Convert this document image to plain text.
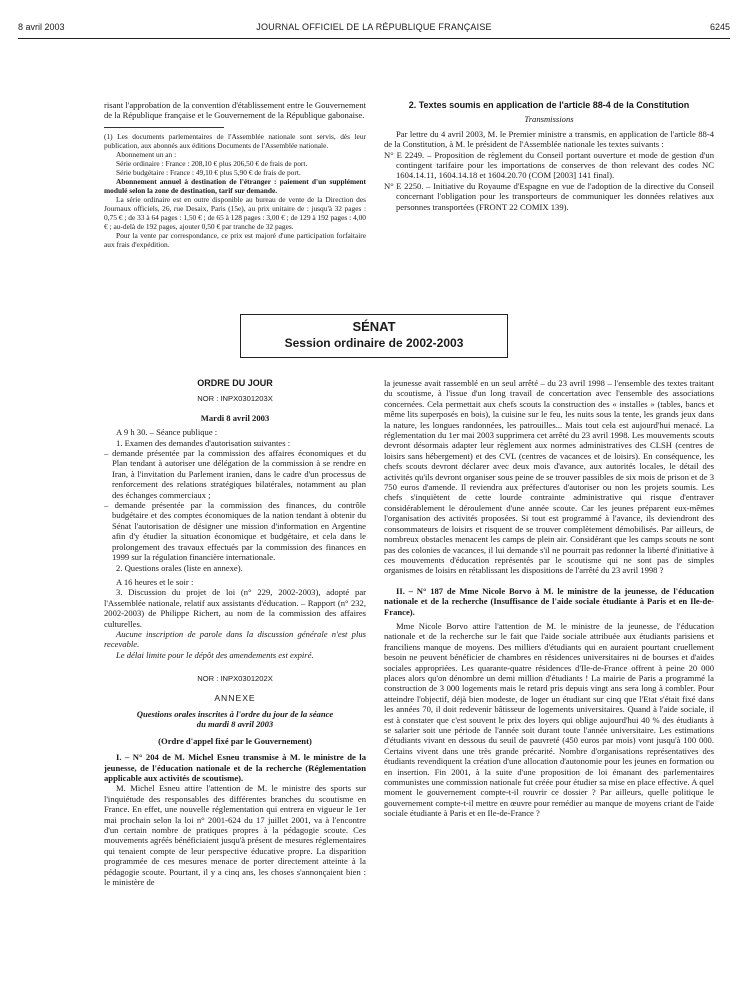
8 avril 2003	JOURNAL OFFICIEL DE LA RÉPUBLIQUE FRANÇAISE	6245

risant l'approbation de la convention d'établissement entre le Gouvernement de la République française et le Gouvernement de la République gabonaise.

(1) Les documents parlementaires de l'Assemblée nationale sont servis, dès leur publication, aux abonnés aux éditions Documents de l'Assemblée nationale.

Abonnement un an :

Série ordinaire : France : 208,10 € plus 206,50 € de frais de port.

Série budgétaire : France : 49,10 € plus 5,90 € de frais de port.

Abonnement annuel à destination de l'étranger : paiement d'un supplément modulé selon la zone de destination, tarif sur demande.

La série ordinaire est en outre disponible au bureau de vente de la Direction des Journaux officiels, 26, rue Desaix, Paris (15e), au prix unitaire de : jusqu'à 32 pages : 0,75 € ; de 33 à 64 pages : 1,50 € ; de 65 à 128 pages : 3,00 € ; de 129 à 192 pages : 4,00 € ; au-delà de 192 pages, ajouter 0,50 € par tranche de 32 pages.

Pour la vente par correspondance, ce prix est majoré d'une participation forfaitaire aux frais d'expédition.

2. Textes soumis en application de l'article 88-4 de la Constitution

Transmissions

Par lettre du 4 avril 2003, M. le Premier ministre a transmis, en application de l'article 88-4 de la Constitution, à M. le président de l'Assemblée nationale les textes suivants :

N° E 2249. – Proposition de règlement du Conseil portant ouverture et mode de gestion d'un contingent tarifaire pour les importations de conserves de thon relevant des codes NC 1604.14.11, 1604.14.18 et 1604.20.70 (COM [2003] 141 final).

N° E 2250. – Initiative du Royaume d'Espagne en vue de l'adoption de la directive du Conseil concernant l'obligation pour les transporteurs de communiquer les données relatives aux personnes transportées (FRONT 22 COMIX 139).

SÉNAT
Session ordinaire de 2002-2003

ORDRE DU JOUR

NOR : INPX0301203X

Mardi 8 avril 2003

A 9 h 30. – Séance publique :

1. Examen des demandes d'autorisation suivantes :

– demande présentée par la commission des affaires économiques et du Plan tendant à autoriser une délégation de la commission à se rendre en Iran, à l'invitation du Parlement iranien, dans le cadre d'un processus de renforcement des relations stratégiques bilatérales, notamment au plan des échanges commerciaux ;

– demande présentée par la commission des finances, du contrôle budgétaire et des comptes économiques de la nation tendant à obtenir du Sénat l'autorisation de désigner une mission d'information en Argentine afin d'y étudier la situation économique et budgétaire, et cela dans le prolongement des travaux effectués par la commission des finances en 1999 sur la régulation financière internationale.

2. Questions orales (liste en annexe).

A 16 heures et le soir :

3. Discussion du projet de loi (n° 229, 2002-2003), adopté par l'Assemblée nationale, relatif aux assistants d'éducation. – Rapport (n° 232, 2002-2003) de Philippe Richert, au nom de la commission des affaires culturelles.

Aucune inscription de parole dans la discussion générale n'est plus recevable.

Le délai limite pour le dépôt des amendements est expiré.

NOR : INPX0301202X

ANNEXE

Questions orales inscrites à l'ordre du jour de la séance du mardi 8 avril 2003

(Ordre d'appel fixé par le Gouvernement)

I. – N° 204 de M. Michel Esneu transmise à M. le ministre de la jeunesse, de l'éducation nationale et de la recherche (Réglementation applicable aux activités de scoutisme).

M. Michel Esneu attire l'attention de M. le ministre des sports sur l'inquiétude des responsables des différentes branches du scoutisme en France. En effet, une nouvelle réglementation qui entrera en vigueur le 1er mai prochain selon la loi n° 2001-624 du 17 juillet 2001, va à l'encontre d'un certain nombre de pratiques propres à la pédagogie scoute. Ces mouvements agréés bénéficiaient jusqu'à présent de mesures réglementaires qui tenaient compte de leur perspective éducative propre. La disparition programmée de ces mesures menace de porter directement atteinte à la pédagogie scoute. Pourtant, il y a cinq ans, les choses s'annonçaient bien : le ministère de

la jeunesse avait rassemblé en un seul arrêté – du 23 avril 1998 – l'ensemble des textes traitant du scoutisme, à l'issue d'un long travail de concertation avec l'ensemble des associations concernées. Cela permettait aux chefs scouts la construction des « installes » (tables, bancs et même lits superposés en bois), la cuisine sur le feu, les nuits sous la tente, les grands jeux dans la nature, les longues randonnées, les patrouilles... Mais tout cela est aujourd'hui menacé. La réglementation du 1er mai 2003 supprimera cet arrêté du 23 avril 1998. Les mouvements scouts devront désormais adapter leur règlement aux normes administratives des CLSH (centres de loisirs sans hébergement) et des CVL (centres de vacances et de loisirs). En conséquence, les chefs scouts devront déclarer avec deux mois d'avance, aux autorités locales, le détail des activités qu'ils devront organiser sous peine de se trouver passibles de six mois de prison et de 3 750 euros d'amende. Il reviendra aux préfectures d'autoriser ou non les projets soumis. Les chefs s'inquiètent de cette lourde contrainte administrative qui risque d'entraver considérablement le déroulement d'une année scoute. Car les jeunes préparent eux-mêmes l'organisation des activités proposées. Si tout est programmé à l'avance, ils deviendront des consommateurs de loisirs et risquent de se trouver complètement démobilisés. Par ailleurs, de nombreux obstacles menacent les camps de plein air. Considérant que les camps scouts ne sont pas des colonies de vacances, il lui demande s'il ne pourrait pas redonner la liberté d'initiative à ces mouvements d'éducation représentés par le scoutisme qui ne sont pas de simples organismes de loisirs en rétablissant les dispositions de l'arrêté du 23 avril 1998 ?

II. – N° 187 de Mme Nicole Borvo à M. le ministre de la jeunesse, de l'éducation nationale et de la recherche (Insuffisance de l'aide sociale étudiante à Paris et en Ile-de-France).

Mme Nicole Borvo attire l'attention de M. le ministre de la jeunesse, de l'éducation nationale et de la recherche sur le fait que l'aide sociale attribuée aux étudiants parisiens et franciliens manque de moyens. Des milliers d'étudiants qui en auraient pourtant cruellement besoin ne peuvent bénéficier de chambres en résidences universitaires ni de bourses et d'aides sociales appropriées. Les quarante-quatre résidences d'Ile-de-France offrent à peine 20 000 places alors qu'on dénombre un demi million d'étudiants ! La mairie de Paris a programmé la construction de 3 000 logements mais le retard pris depuis vingt ans sera long à combler. Pour atteindre l'objectif, déjà bien modeste, de loger un étudiant sur cinq que l'Etat s'était fixé dans les années 70, il doit redevenir bâtisseur de logements universitaires. Quand à l'aide sociale, il est à constater que c'est souvent le prix des loyers qui oblige aujourd'hui 40 % des étudiants à se salarier soit une période de l'année soit durant toute l'année universitaire. Les estimations d'étudiants vivant en dessous du seuil de pauvreté (450 euros par mois) vont jusqu'à 100 000. Certains vivent dans une très grande précarité. Nombre d'organisations représentatives des étudiants revendiquent la création d'une allocation d'autonomie pour les jeunes en formation ou en insertion. Fin 2001, à la suite d'une proposition de loi émanant des parlementaires communistes une commission nationale fut créée pour étudier sa mise en place effective. A quel moment le gouvernement compte-t-il rouvrir ce dossier ? Par ailleurs, quelle politique le gouvernement compte-t-il mettre en œuvre pour remédier au manque de moyens criant de l'aide sociale étudiante à Paris et en Ile-de-France ?
